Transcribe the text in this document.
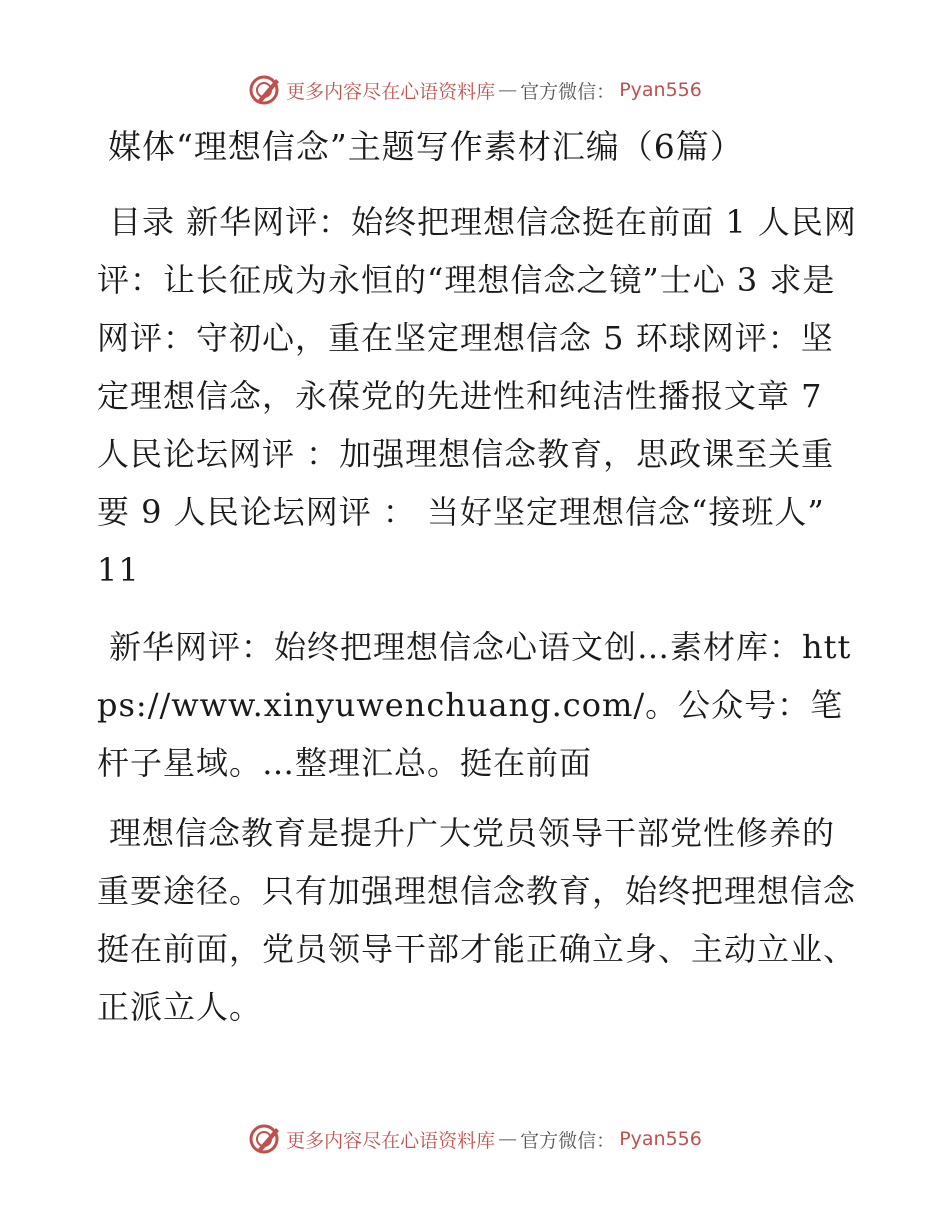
更多内容尽在心语资料库 — 官方微信： Pyan556
媒体“理想信念”主题写作素材汇编（6篇）
目录 新华网评：始终把理想信念挺在前面 1 人民网评：让长征成为永恒的“理想信念之镜”士心 3 求是网评：守初心，重在坚定理想信念 5 环球网评：坚定理想信念，永葆党的先进性和纯洁性播报文章 7 人民论坛网评 ：加强理想信念教育，思政课至关重要 9 人民论坛网评 ： 当好坚定理想信念“接班人” 11
新华网评：始终把理想信念心语文创…素材库：https://www.xinyuwenchuang.com/。公众号：笔杆子星域。…整理汇总。挺在前面
理想信念教育是提升广大党员领导干部党性修养的重要途径。只有加强理想信念教育，始终把理想信念挺在前面，党员领导干部才能正确立身、主动立业、正派立人。
更多内容尽在心语资料库 — 官方微信： Pyan556
